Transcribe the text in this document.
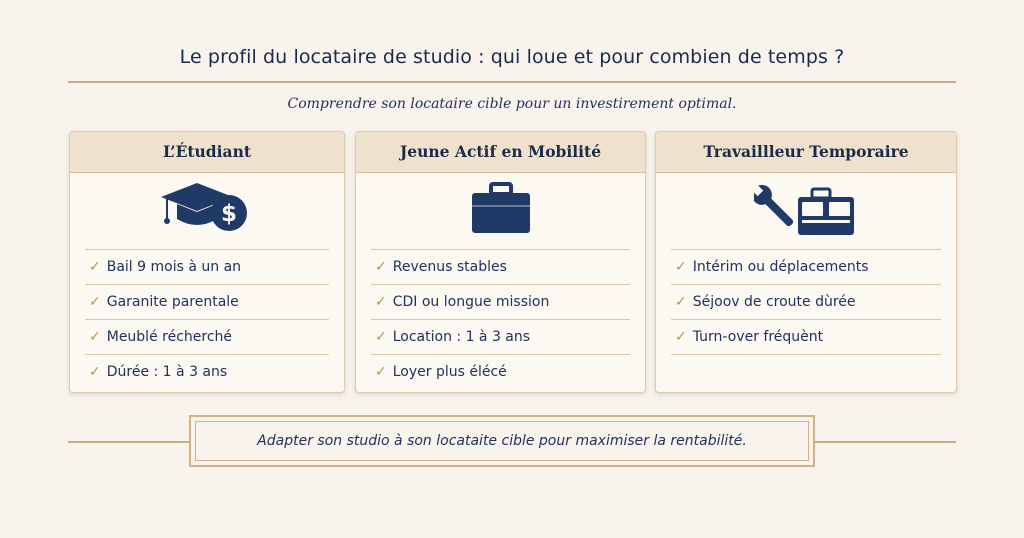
Le profil du locataire de studio : qui loue et pour combien de temps ?
Comprendre son locataire cible pour un investirement optimal.
L’Étudiant
$
✓ Bail 9 mois à un an
✓ Garanite parentale
✓ Meublé récherché
✓ Dúrée : 1 à 3 ans
Jeune Actif en Mobilité
✓ Revenus stables
✓ CDI ou longue mission
✓ Location : 1 à 3 ans
✓ Loyer plus élécé
Travaillleur Temporaire
✓ Intérim ou déplacements
✓ Séjoov de croute dùrée
✓ Turn-over fréquènt
Adapter son studio à son locataite cible pour maximiser la rentabilité.
